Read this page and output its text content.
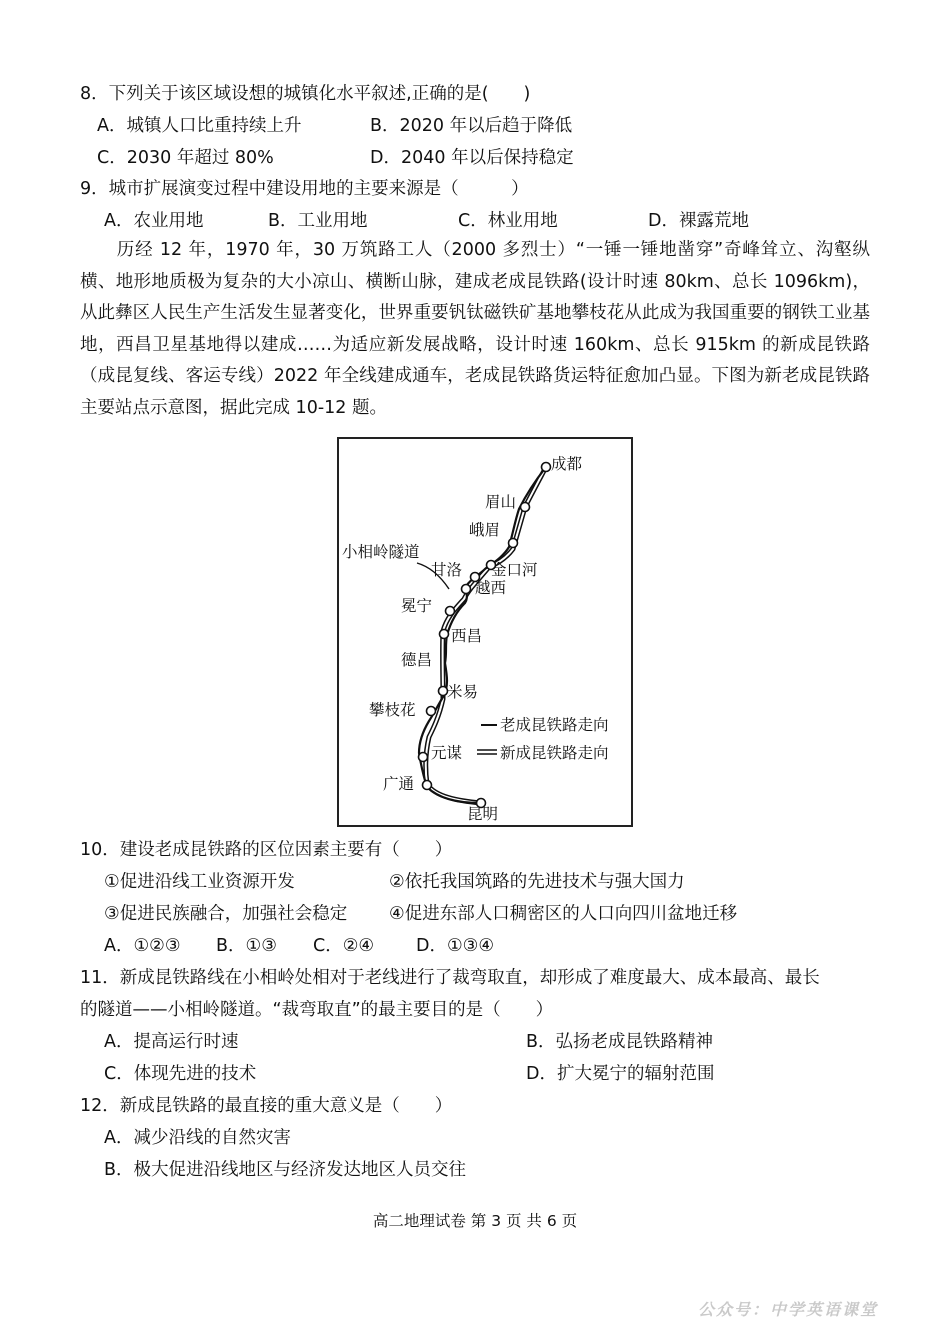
8．下列关于该区域设想的城镇化水平叙述,正确的是(　　)
A．城镇人口比重持续上升	B．2020 年以后趋于降低
C．2030 年超过 80%	D．2040 年以后保持稳定
9．城市扩展演变过程中建设用地的主要来源是（　　　）
A．农业用地	B．工业用地	C．林业用地	D．裸露荒地
历经 12 年，1970 年，30 万筑路工人（2000 多烈士）“一锤一锤地凿穿”奇峰耸立、沟壑纵横、地形地质极为复杂的大小凉山、横断山脉，建成老成昆铁路(设计时速 80km、总长 1096km)，从此彝区人民生产生活发生显著变化，世界重要钒钛磁铁矿基地攀枝花从此成为我国重要的钢铁工业基地，西昌卫星基地得以建成……为适应新发展战略，设计时速 160km、总长 915km 的新成昆铁路（成昆复线、客运专线）2022 年全线建成通车，老成昆铁路货运特征愈加凸显。下图为新老成昆铁路主要站点示意图，据此完成 10-12 题。
成都
眉山
峨眉
小相岭隧道
甘洛 金口河
越西
冕宁
西昌
德昌
米易
攀枝花
老成昆铁路走向
元谋 新成昆铁路走向
广通
昆明
10．建设老成昆铁路的区位因素主要有（　　）
①促进沿线工业资源开发	②依托我国筑路的先进技术与强大国力
③促进民族融合，加强社会稳定 ④促进东部人口稠密区的人口向四川盆地迁移
A．①②③ B．①③ C．②④ D．①③④
11．新成昆铁路线在小相岭处相对于老线进行了裁弯取直，却形成了难度最大、成本最高、最长
的隧道——小相岭隧道。“裁弯取直”的最主要目的是（　　）
A．提高运行时速	B．弘扬老成昆铁路精神
C．体现先进的技术	D．扩大冕宁的辐射范围
12．新成昆铁路的最直接的重大意义是（　　）
A．减少沿线的自然灾害
B．极大促进沿线地区与经济发达地区人员交往
高二地理试卷 第 3 页 共 6 页
公众号：中学英语课堂
